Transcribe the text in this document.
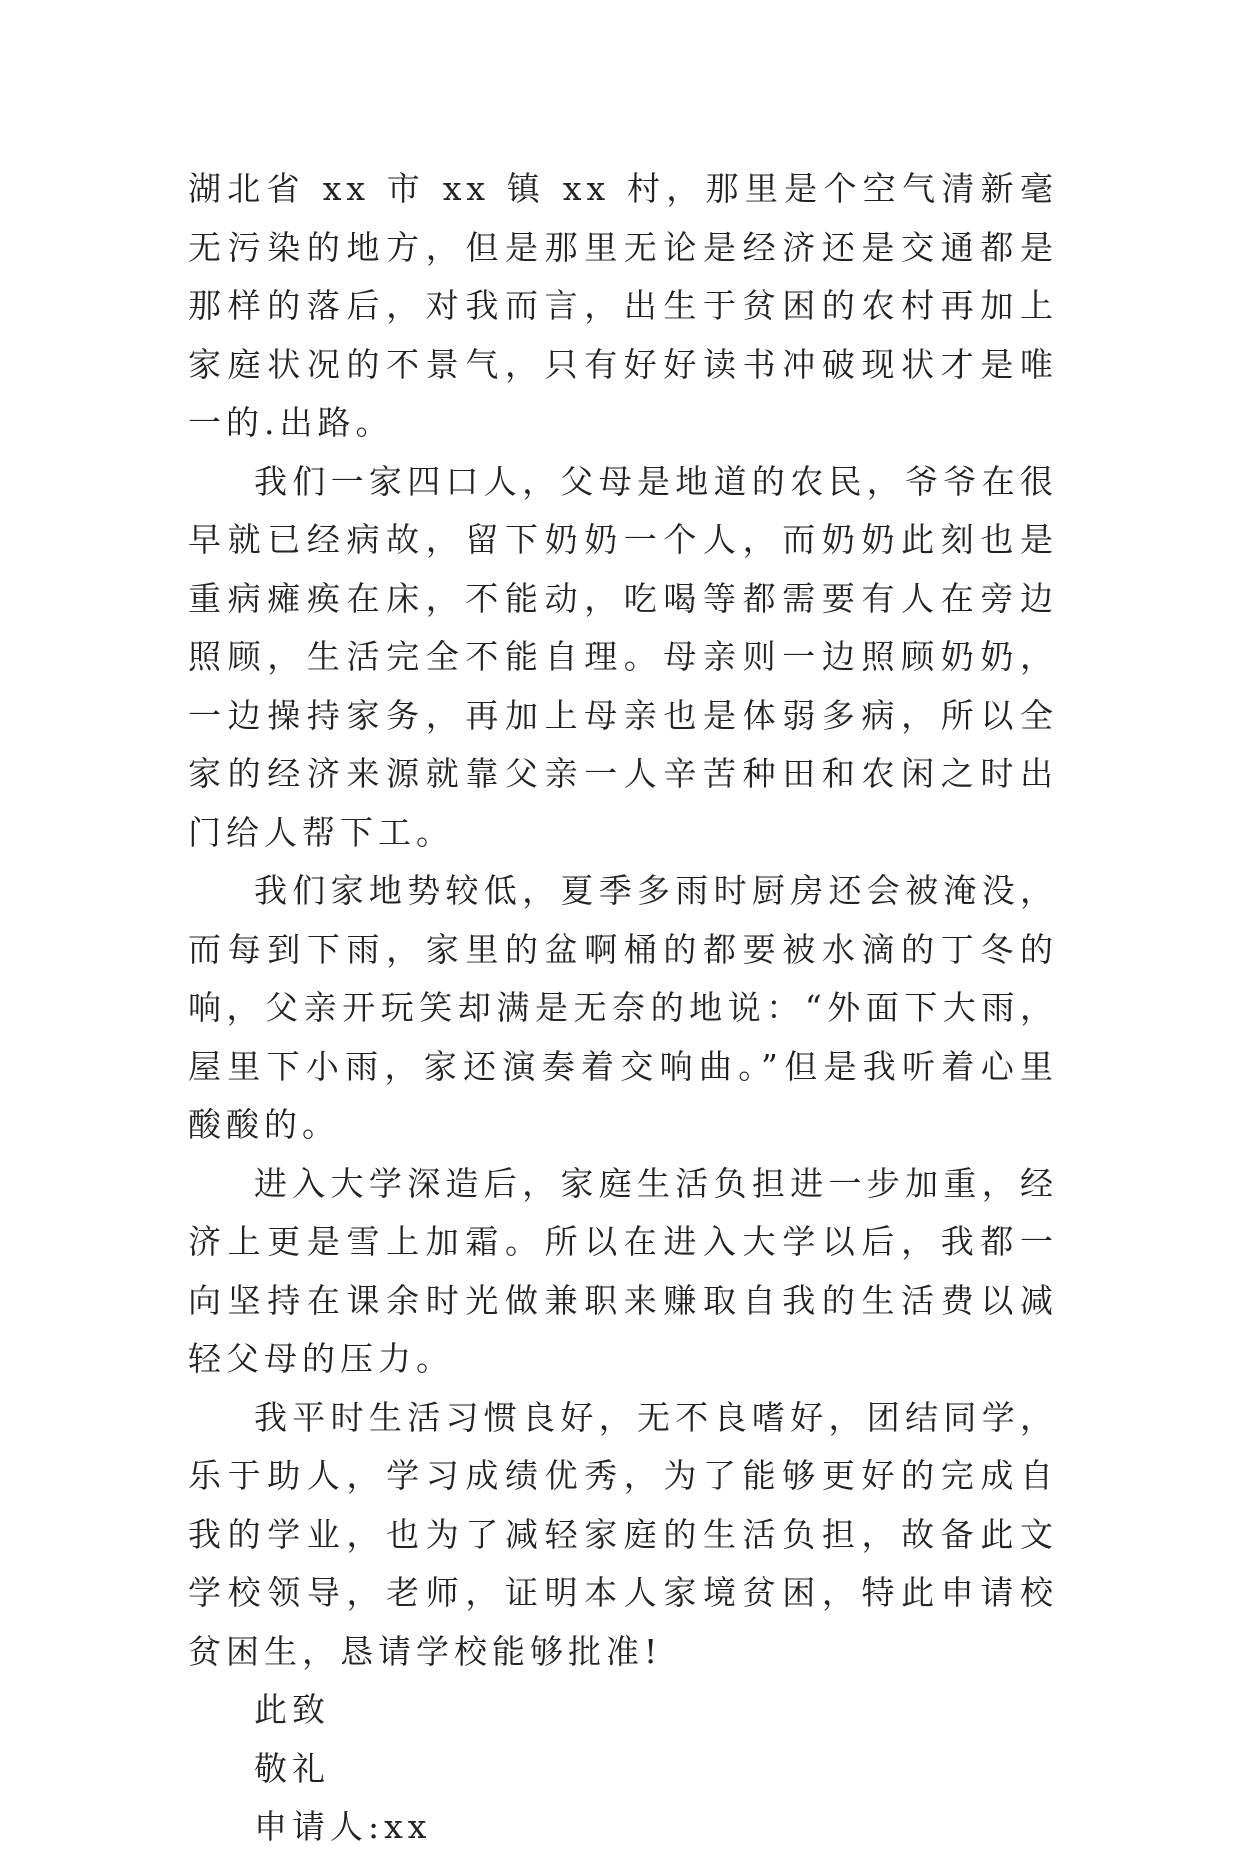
湖北省 xx 市 xx 镇 xx 村，那里是个空气清新毫无污染的地方，但是那里无论是经济还是交通都是那样的落后，对我而言，出生于贫困的农村再加上家庭状况的不景气，只有好好读书冲破现状才是唯一的.出路。

我们一家四口人，父母是地道的农民，爷爷在很早就已经病故，留下奶奶一个人，而奶奶此刻也是重病瘫痪在床，不能动，吃喝等都需要有人在旁边照顾，生活完全不能自理。母亲则一边照顾奶奶，一边操持家务，再加上母亲也是体弱多病，所以全家的经济来源就靠父亲一人辛苦种田和农闲之时出门给人帮下工。

我们家地势较低，夏季多雨时厨房还会被淹没，而每到下雨，家里的盆啊桶的都要被水滴的丁冬的响，父亲开玩笑却满是无奈的地说：“外面下大雨，屋里下小雨，家还演奏着交响曲。”但是我听着心里酸酸的。

进入大学深造后，家庭生活负担进一步加重，经济上更是雪上加霜。所以在进入大学以后，我都一向坚持在课余时光做兼职来赚取自我的生活费以减轻父母的压力。

我平时生活习惯良好，无不良嗜好，团结同学，乐于助人，学习成绩优秀，为了能够更好的完成自我的学业，也为了减轻家庭的生活负担，故备此文学校领导，老师，证明本人家境贫困，特此申请校贫困生，恳请学校能够批准!

此致

敬礼

申请人:xx
